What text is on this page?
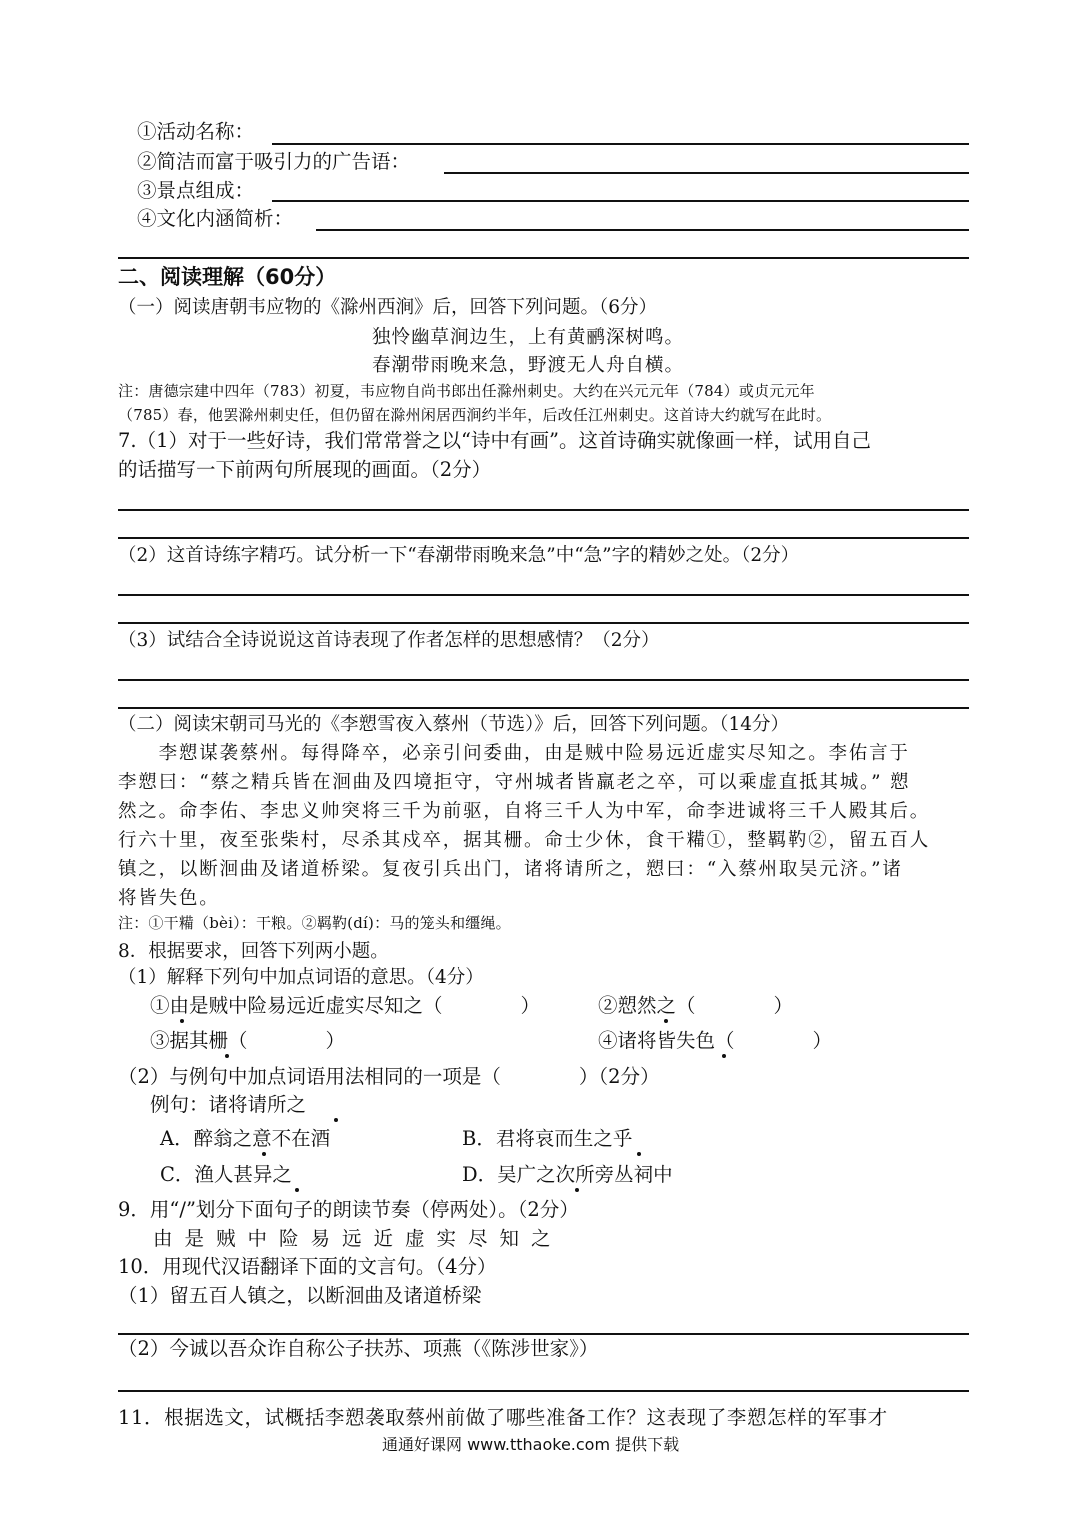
①活动名称：
②简洁而富于吸引力的广告语：
③景点组成：
④文化内涵简析：
二、阅读理解（60分）
（一）阅读唐朝韦应物的《滁州西涧》后，回答下列问题。（6分）
独怜幽草涧边生，上有黄鹂深树鸣。
春潮带雨晚来急，野渡无人舟自横。
注：唐德宗建中四年（783）初夏，韦应物自尚书郎出任滁州刺史。大约在兴元元年（784）或贞元元年
（785）春，他罢滁州刺史任，但仍留在滁州闲居西涧约半年，后改任江州刺史。这首诗大约就写在此时。
7.（1）对于一些好诗，我们常常誉之以“诗中有画”。这首诗确实就像画一样，试用自己
的话描写一下前两句所展现的画面。（2分）
（2）这首诗练字精巧。试分析一下“春潮带雨晚来急”中“急”字的精妙之处。（2分）
（3）试结合全诗说说这首诗表现了作者怎样的思想感情？（2分）
（二）阅读宋朝司马光的《李愬雪夜入蔡州（节选）》后，回答下列问题。（14分）
　　李愬谋袭蔡州。每得降卒，必亲引问委曲，由是贼中险易远近虚实尽知之。李佑言于
李愬曰：“蔡之精兵皆在洄曲及四境拒守，守州城者皆羸老之卒，可以乘虚直抵其城。” 愬
然之。命李佑、李忠义帅突将三千为前驱，自将三千人为中军，命李进诚将三千人殿其后。
行六十里，夜至张柴村，尽杀其戍卒，据其栅。命士少休，食干糒①，整羁靮②，留五百人
镇之，以断洄曲及诸道桥梁。复夜引兵出门，诸将请所之，愬曰：“入蔡州取吴元济。”诸
将皆失色。
注：①干糒（bèi）：干粮。②羁靮(dí)：马的笼头和缰绳。
8．根据要求，回答下列两小题。
（1）解释下列句中加点词语的意思。（4分）
①由是贼中险易远近虚实尽知之（　　　　）	②愬然之（　　　　）
③据其栅（　　　　）	④诸将皆失色（　　　　）
（2）与例句中加点词语用法相同的一项是（　　　　）（2分）
例句：诸将请所之
A．醉翁之意不在酒	B．君将哀而生之乎
C．渔人甚异之	D．吴广之次所旁丛祠中
9．用“/”划分下面句子的朗读节奏（停两处）。（2分）
由是贼中险易远近虚实尽知之
10．用现代汉语翻译下面的文言句。（4分）
（1）留五百人镇之，以断洄曲及诸道桥梁
（2）今诚以吾众诈自称公子扶苏、项燕（《陈涉世家》）
11．根据选文，试概括李愬袭取蔡州前做了哪些准备工作？这表现了李愬怎样的军事才
通通好课网 www.tthaoke.com 提供下载
